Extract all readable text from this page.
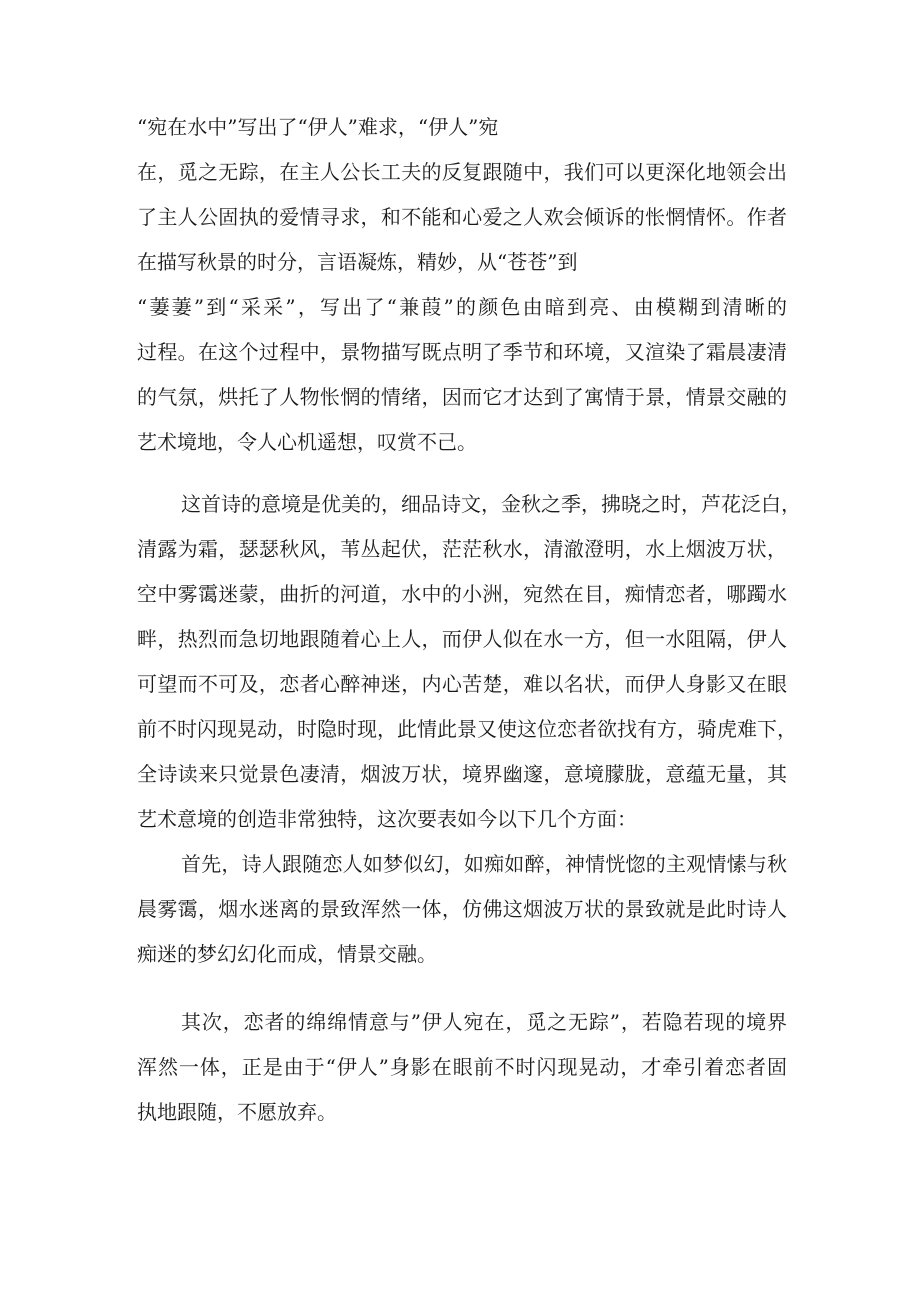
“宛在水中”写出了“伊人”难求，“伊人”宛
在，觅之无踪，在主人公长工夫的反复跟随中，我们可以更深化地领会出
了主人公固执的爱情寻求，和不能和心爱之人欢会倾诉的怅惘情怀。作者
在描写秋景的时分，言语凝炼，精妙，从“苍苍”到
“萋萋”到“采采”，写出了“兼葭”的颜色由暗到亮、由模糊到清晰的
过程。在这个过程中，景物描写既点明了季节和环境，又渲染了霜晨凄清
的气氛，烘托了人物怅惘的情绪，因而它才达到了寓情于景，情景交融的
艺术境地，令人心机遥想，叹赏不己。
这首诗的意境是优美的，细品诗文，金秋之季，拂晓之时，芦花泛白，
清露为霜，瑟瑟秋风，苇丛起伏，茫茫秋水，清澈澄明，水上烟波万状，
空中雾霭迷蒙，曲折的河道，水中的小洲，宛然在目，痴情恋者，哪躅水
畔，热烈而急切地跟随着心上人，而伊人似在水一方，但一水阻隔，伊人
可望而不可及，恋者心醉神迷，内心苦楚，难以名状，而伊人身影又在眼
前不时闪现晃动，时隐时现，此情此景又使这位恋者欲找有方，骑虎难下，
全诗读来只觉景色凄清，烟波万状，境界幽邃，意境朦胧，意蕴无量，其
艺术意境的创造非常独特，这次要表如今以下几个方面：
首先，诗人跟随恋人如梦似幻，如痴如醉，神情恍惚的主观情愫与秋
晨雾霭，烟水迷离的景致浑然一体，仿佛这烟波万状的景致就是此时诗人
痴迷的梦幻幻化而成，情景交融。
其次，恋者的绵绵情意与”伊人宛在，觅之无踪”，若隐若现的境界
浑然一体，正是由于“伊人”身影在眼前不时闪现晃动，才牵引着恋者固
执地跟随，不愿放弃。
